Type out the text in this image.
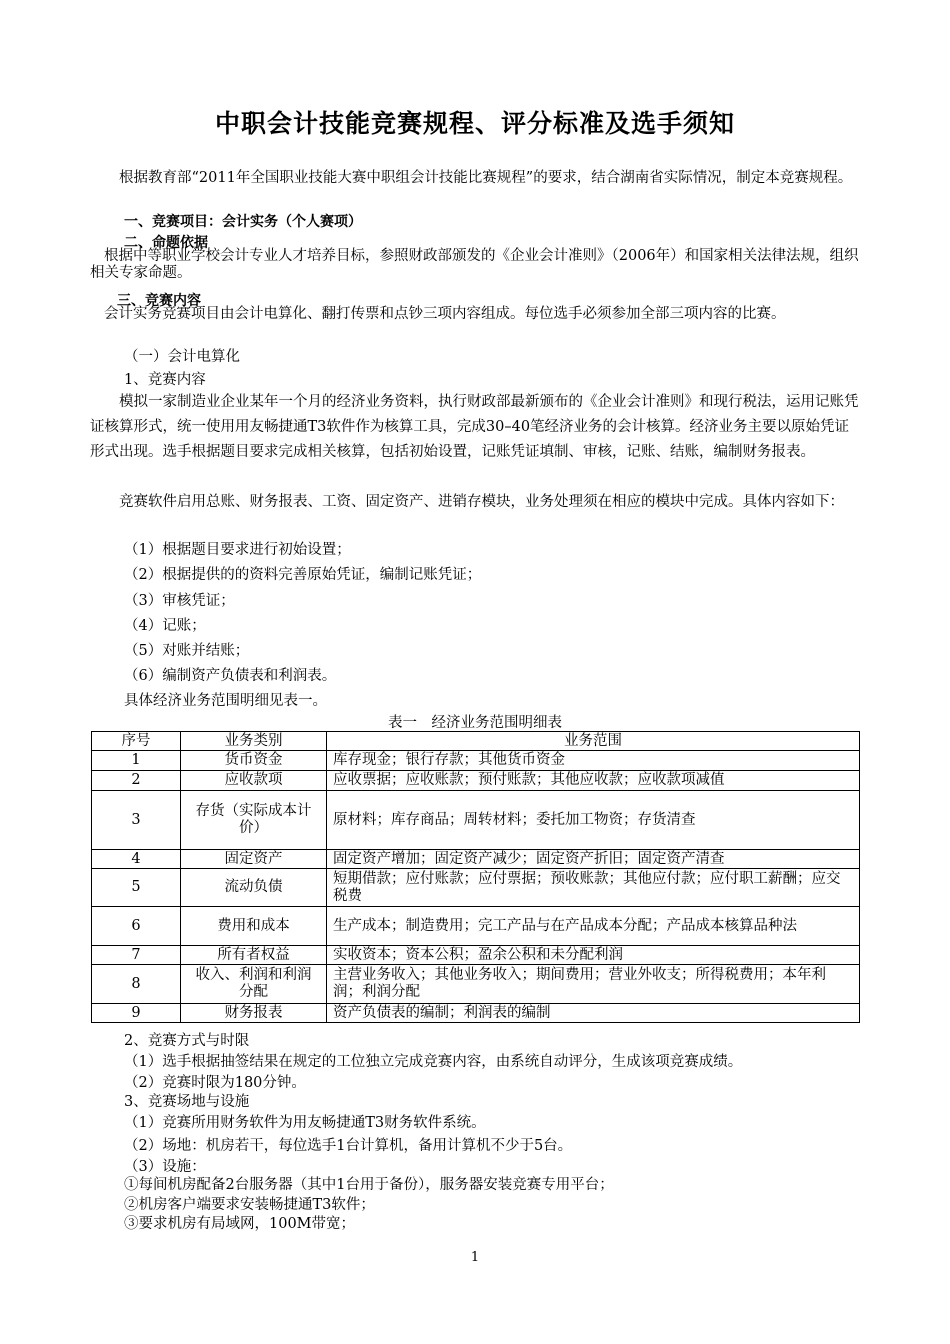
中职会计技能竞赛规程、评分标准及选手须知
根据教育部“2011年全国职业技能大赛中职组会计技能比赛规程”的要求，结合湖南省实际情况，制定本竞赛规程。
一、竞赛项目：会计实务（个人赛项）
二、命题依据
根据中等职业学校会计专业人才培养目标，参照财政部颁发的《企业会计准则》（2006年）和国家相关法律法规，组织相关专家命题。
三、竞赛内容
会计实务竞赛项目由会计电算化、翻打传票和点钞三项内容组成。每位选手必须参加全部三项内容的比赛。
（一）会计电算化
1、竞赛内容
模拟一家制造业企业某年一个月的经济业务资料，执行财政部最新颁布的《企业会计准则》和现行税法，运用记账凭证核算形式，统一使用用友畅捷通T3软件作为核算工具，完成30–40笔经济业务的会计核算。经济业务主要以原始凭证形式出现。选手根据题目要求完成相关核算，包括初始设置，记账凭证填制、审核，记账、结账，编制财务报表。
竞赛软件启用总账、财务报表、工资、固定资产、进销存模块，业务处理须在相应的模块中完成。具体内容如下：
（1）根据题目要求进行初始设置；
（2）根据提供的的资料完善原始凭证，编制记账凭证；
（3）审核凭证；
（4）记账；
（5）对账并结账；
（6）编制资产负债表和利润表。
具体经济业务范围明细见表一。
表一　经济业务范围明细表
序号	业务类别	业务范围
1	货币资金	库存现金；银行存款；其他货币资金
2	应收款项	应收票据；应收账款；预付账款；其他应收款；应收款项减值
3	存货（实际成本计价）	原材料；库存商品；周转材料；委托加工物资；存货清查
4	固定资产	固定资产增加；固定资产减少；固定资产折旧；固定资产清查
5	流动负债	短期借款；应付账款；应付票据；预收账款；其他应付款；应付职工薪酬；应交税费
6	费用和成本	生产成本；制造费用；完工产品与在产品成本分配；产品成本核算品种法
7	所有者权益	实收资本；资本公积；盈余公积和未分配利润
8	收入、利润和利润分配	主营业务收入；其他业务收入；期间费用；营业外收支；所得税费用；本年利润；利润分配
9	财务报表	资产负债表的编制；利润表的编制
2、竞赛方式与时限
（1）选手根据抽签结果在规定的工位独立完成竞赛内容，由系统自动评分，生成该项竞赛成绩。
（2）竞赛时限为180分钟。
3、竞赛场地与设施
（1）竞赛所用财务软件为用友畅捷通T3财务软件系统。
（2）场地：机房若干，每位选手1台计算机，备用计算机不少于5台。
（3）设施：
①每间机房配备2台服务器（其中1台用于备份），服务器安装竞赛专用平台；
②机房客户端要求安装畅捷通T3软件；
③要求机房有局域网，100M带宽；
1
